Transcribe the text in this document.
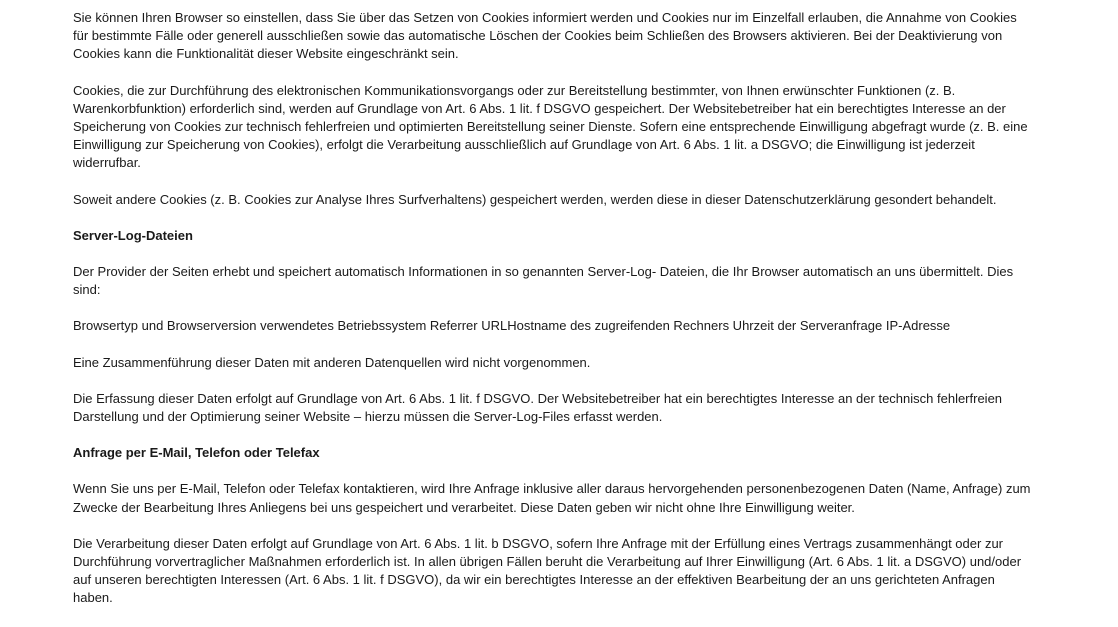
Sie können Ihren Browser so einstellen, dass Sie über das Setzen von Cookies informiert werden und Cookies nur im Einzelfall erlauben, die Annahme von Cookies für bestimmte Fälle oder generell ausschließen sowie das automatische Löschen der Cookies beim Schließen des Browsers aktivieren. Bei der Deaktivierung von Cookies kann die Funktionalität dieser Website eingeschränkt sein.

Cookies, die zur Durchführung des elektronischen Kommunikationsvorgangs oder zur Bereitstellung bestimmter, von Ihnen erwünschter Funktionen (z. B. Warenkorbfunktion) erforderlich sind, werden auf Grundlage von Art. 6 Abs. 1 lit. f DSGVO gespeichert. Der Websitebetreiber hat ein berechtigtes Interesse an der Speicherung von Cookies zur technisch fehlerfreien und optimierten Bereitstellung seiner Dienste. Sofern eine entsprechende Einwilligung abgefragt wurde (z. B. eine Einwilligung zur Speicherung von Cookies), erfolgt die Verarbeitung ausschließlich auf Grundlage von Art. 6 Abs. 1 lit. a DSGVO; die Einwilligung ist jederzeit widerrufbar.

Soweit andere Cookies (z. B. Cookies zur Analyse Ihres Surfverhaltens) gespeichert werden, werden diese in dieser Datenschutzerklärung gesondert behandelt.

Server-Log-Dateien

Der Provider der Seiten erhebt und speichert automatisch Informationen in so genannten Server-Log- Dateien, die Ihr Browser automatisch an uns übermittelt. Dies sind:

Browsertyp und Browserversion verwendetes Betriebssystem Referrer URLHostname des zugreifenden Rechners Uhrzeit der Serveranfrage IP-Adresse

Eine Zusammenführung dieser Daten mit anderen Datenquellen wird nicht vorgenommen.

Die Erfassung dieser Daten erfolgt auf Grundlage von Art. 6 Abs. 1 lit. f DSGVO. Der Websitebetreiber hat ein berechtigtes Interesse an der technisch fehlerfreien Darstellung und der Optimierung seiner Website – hierzu müssen die Server-Log-Files erfasst werden.

Anfrage per E-Mail, Telefon oder Telefax

Wenn Sie uns per E-Mail, Telefon oder Telefax kontaktieren, wird Ihre Anfrage inklusive aller daraus hervorgehenden personenbezogenen Daten (Name, Anfrage) zum Zwecke der Bearbeitung Ihres Anliegens bei uns gespeichert und verarbeitet. Diese Daten geben wir nicht ohne Ihre Einwilligung weiter.

Die Verarbeitung dieser Daten erfolgt auf Grundlage von Art. 6 Abs. 1 lit. b DSGVO, sofern Ihre Anfrage mit der Erfüllung eines Vertrags zusammenhängt oder zur Durchführung vorvertraglicher Maßnahmen erforderlich ist. In allen übrigen Fällen beruht die Verarbeitung auf Ihrer Einwilligung (Art. 6 Abs. 1 lit. a DSGVO) und/oder auf unseren berechtigten Interessen (Art. 6 Abs. 1 lit. f DSGVO), da wir ein berechtigtes Interesse an der effektiven Bearbeitung der an uns gerichteten Anfragen haben.
